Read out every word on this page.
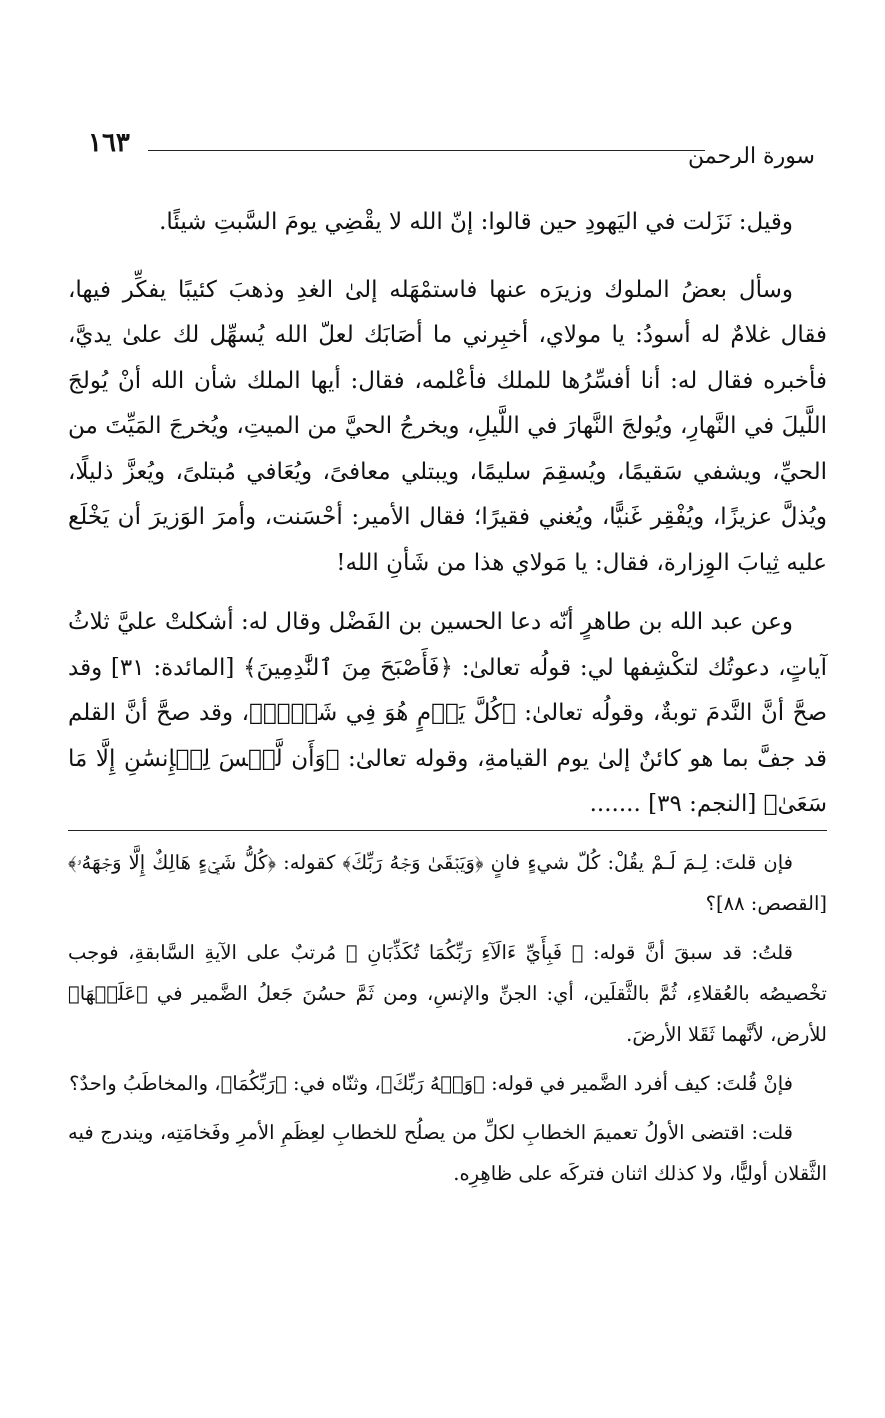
١٦٣	سورة الرحمن

وقيل: نَزَلت في اليَهودِ حين قالوا: إنّ الله لا يقْضِي يومَ السَّبتِ شيئًا.

وسأل بعضُ الملوك وزيرَه عنها فاستمْهَله إلىٰ الغدِ وذهبَ كئيبًا يفكِّر فيها، فقال غلامٌ له أسودُ: يا مولاي، أخبِرني ما أصَابَك لعلّ الله يُسهِّل لك علىٰ يديَّ، فأخبره فقال له: أنا أفسِّرُها للملك فأعْلمه، فقال: أيها الملك شأن الله أنْ يُولجَ اللَّيلَ في النَّهارِ، ويُولجَ النَّهارَ في اللَّيلِ، ويخرجُ الحيَّ من الميتِ، ويُخرجَ المَيِّتَ من الحيِّ، ويشفي سَقيمًا، ويُسقِمَ سليمًا، ويبتلي معافىً، ويُعَافي مُبتلىً، ويُعزَّ ذليلًا، ويُذلَّ عزيزًا، ويُفْقِر غَنيًّا، ويُغني فقيرًا؛ فقال الأمير: أحْسَنت، وأمرَ الوَزيرَ أن يَخْلَع عليه ثِيابَ الوِزارة، فقال: يا مَولاي هذا من شَأنِ الله!

وعن عبد الله بن طاهرٍ أنّه دعا الحسين بن الفَضْل وقال له: أشكلتْ عليَّ ثلاثُ آياتٍ، دعوتُك لتكْشِفها لي: قولُه تعالىٰ: ﴿فَأَصْبَحَ مِنَ ٱلنَّٰدِمِينَ﴾ [المائدة: ٣١] وقد صحَّ أنَّ النَّدمَ توبةٌ، وقولُه تعالىٰ: ﴿كُلَّ يَوۡمٍ هُوَ فِي شَأۡنٖ﴾، وقد صحَّ أنَّ القلم قد جفَّ بما هو كائنٌ إلىٰ يوم القيامةِ، وقوله تعالىٰ: ﴿وَأَن لَّيۡسَ لِلۡإِنسَٰنِ إِلَّا مَا سَعَىٰ﴾ [النجم: ٣٩] .......

فإن قلتَ: لِـمَ لَـمْ يقُلْ: كُلّ شيءٍ فانٍ ﴿وَيَبۡقَىٰ وَجۡهُ رَبِّكَ﴾ كقوله: ﴿كُلُّ شَيۡءٍ هَالِكٌ إِلَّا وَجۡهَهُۥ﴾ [القصص: ٨٨]؟

قلتُ: قد سبقَ أنَّ قوله: ﴿ فَبِأَيِّ ءَالَآءِ رَبِّكُمَا تُكَذِّبَانِ ﴾ مُرتبٌ على الآيةِ السَّابقةِ، فوجب تخْصيصُه بالعُقلاءِ، ثُمَّ بالثَّقلَين، أي: الجنِّ والإنسِ، ومن ثَمَّ حسُنَ جَعلُ الضَّمير في ﴿عَلَيۡهَا﴾ للأرض، لأنَّهما ثَقَلا الأرضَ.

فإنْ قُلتَ: كيف أفرد الضَّمير في قوله: ﴿وَجۡهُ رَبِّكَ﴾، وثنّاه في: ﴿رَبِّكُمَا﴾، والمخاطَبُ واحدٌ؟

قلت: اقتضى الأولُ تعميمَ الخطابِ لكلِّ من يصلُح للخطابِ لعِظَمِ الأمرِ وفَخامَتِه، ويندرج فيه الثَّقلان أوليًّا، ولا كذلك اثنان فتركَه على ظاهِرِه.
